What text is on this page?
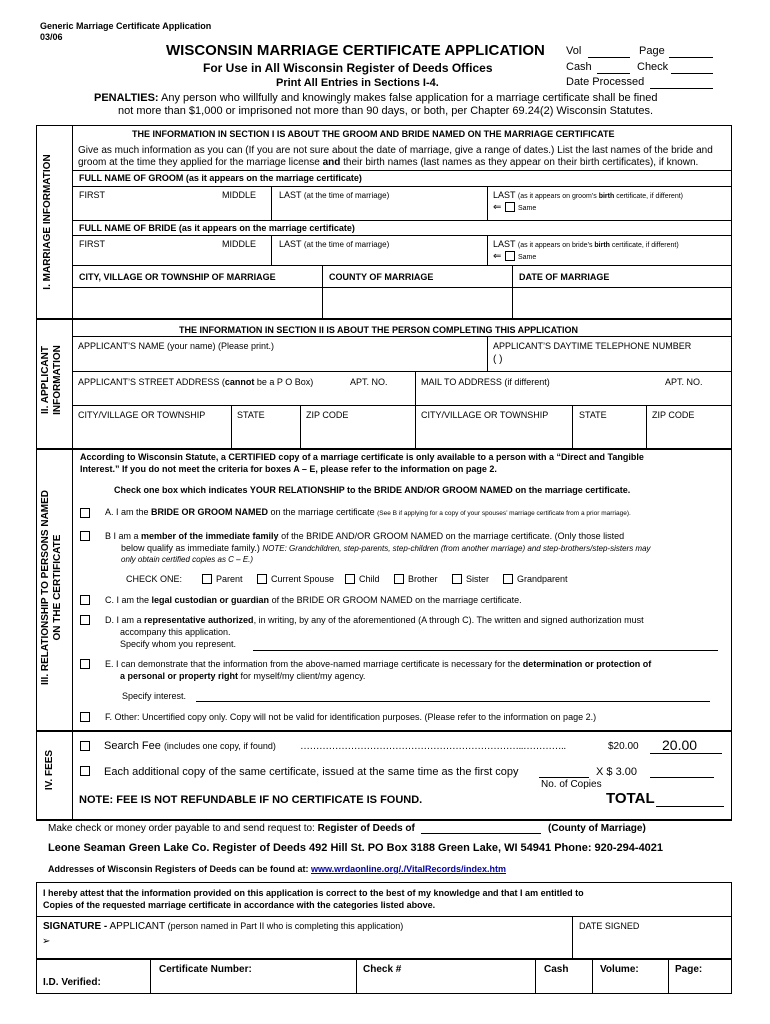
Generic Marriage Certificate Application
03/06
WISCONSIN MARRIAGE CERTIFICATE APPLICATION
For Use in All Wisconsin Register of Deeds Offices
Print All Entries in Sections I-4.
Vol	Page
Cash	Check
Date Processed
PENALTIES: Any person who willfully and knowingly makes false application for a marriage certificate shall be fined
not more than $1,000 or imprisoned not more than 90 days, or both, per Chapter 69.24(2) Wisconsin Statutes.
I. MARRIAGE INFORMATION
THE INFORMATION IN SECTION I IS ABOUT THE GROOM AND BRIDE NAMED ON THE MARRIAGE CERTIFICATE
Give as much information as you can (If you are not sure about the date of marriage, give a range of dates.) List the last names of the bride and
groom at the time they applied for the marriage license and their birth names (last names as they appear on their birth certificates), if known.
FULL NAME OF GROOM (as it appears on the marriage certificate)
FIRST	MIDDLE	LAST (at the time of marriage)	LAST (as it appears on groom’s birth certificate, if different)
⇐ Same
FULL NAME OF BRIDE (as it appears on the marriage certificate)
FIRST	MIDDLE	LAST (at the time of marriage)	LAST (as it appears on bride’s birth certificate, if different)
⇐ Same
CITY, VILLAGE OR TOWNSHIP OF MARRIAGE	COUNTY OF MARRIAGE	DATE OF MARRIAGE
II. APPLICANT
INFORMATION
THE INFORMATION IN SECTION II IS ABOUT THE PERSON COMPLETING THIS APPLICATION
APPLICANT’S NAME (your name) (Please print.)	APPLICANT’S DAYTIME TELEPHONE NUMBER
( )
APPLICANT’S STREET ADDRESS (cannot be a P O Box)	APT. NO.	MAIL TO ADDRESS (if different)	APT. NO.
CITY/VILLAGE OR TOWNSHIP	STATE	ZIP CODE	CITY/VILLAGE OR TOWNSHIP	STATE	ZIP CODE
III. RELATIONSHIP TO PERSONS NAMED
ON THE CERTIFICATE
According to Wisconsin Statute, a CERTIFIED copy of a marriage certificate is only available to a person with a “Direct and Tangible
Interest.” If you do not meet the criteria for boxes A – E, please refer to the information on page 2.
Check one box which indicates YOUR RELATIONSHIP to the BRIDE AND/OR GROOM NAMED on the marriage certificate.
A. I am the BRIDE OR GROOM NAMED on the marriage certificate (See B if applying for a copy of your spouses’ marriage certificate from a prior marriage).
B I am a member of the immediate family of the BRIDE AND/OR GROOM NAMED on the marriage certificate. (Only those listed
below qualify as immediate family.) NOTE: Grandchildren, step-parents, step-children (from another marriage) and step-brothers/step-sisters may
only obtain certified copies as C – E.)
CHECK ONE:	Parent	Current Spouse	Child	Brother	Sister	Grandparent
C. I am the legal custodian or guardian of the BRIDE OR GROOM NAMED on the marriage certificate.
D. I am a representative authorized, in writing, by any of the aforementioned (A through C). The written and signed authorization must
accompany this application.
Specify whom you represent.
E. I can demonstrate that the information from the above-named marriage certificate is necessary for the determination or protection of
a personal or property right for myself/my client/my agency.
Specify interest.
F. Other: Uncertified copy only. Copy will not be valid for identification purposes. (Please refer to the information on page 2.)
IV. FEES
Search Fee (includes one copy, if found) ……………………………………………………………..…………..	$20.00 20.00
Each additional copy of the same certificate, issued at the same time as the first copy
No. of Copies
X $ 3.00
NOTE: FEE IS NOT REFUNDABLE IF NO CERTIFICATE IS FOUND.	TOTAL
Make check or money order payable to and send request to: Register of Deeds of	(County of Marriage)
Leone Seaman Green Lake Co. Register of Deeds 492 Hill St. PO Box 3188 Green Lake, WI 54941 Phone: 920-294-4021
Addresses of Wisconsin Registers of Deeds can be found at: www.wrdaonline.org/./VitalRecords/index.htm
I hereby attest that the information provided on this application is correct to the best of my knowledge and that I am entitled to
Copies of the requested marriage certificate in accordance with the categories listed above.
SIGNATURE - APPLICANT (person named in Part II who is completing this application)
➢
DATE SIGNED
I.D. Verified:
Certificate Number:	Check #	Cash	Volume:	Page:
